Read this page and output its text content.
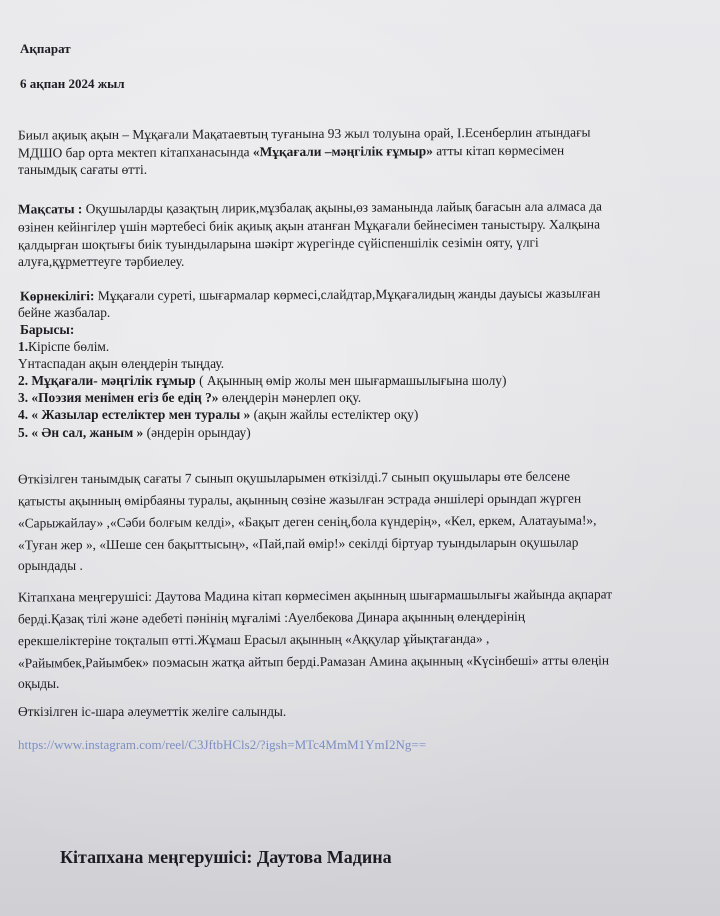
Ақпарат
6 ақпан 2024 жыл
Биыл ақиық ақын – Мұқағали Мақатаевтың туғанына 93 жыл толуына орай, І.Есенберлин атындағы
МДШО бар орта мектеп кітапханасында «Мұқағали –мәңгілік ғұмыр» атты кітап көрмесімен
танымдық сағаты өтті.
Мақсаты : Оқушыларды қазақтың лирик,мұзбалақ ақыны,өз заманында лайық бағасын ала алмаса да
өзінен кейінгілер үшін мәртебесі биік ақиық ақын атанған Мұқағали бейнесімен таныстыру. Халқына
қалдырған шоқтығы биік туындыларына шәкірт жүрегінде сүйіспеншілік сезімін ояту, үлгі
алуға,құрметтеуге тәрбиелеу.
Көрнекілігі: Мұқағали суреті, шығармалар көрмесі,слайдтар,Мұқағалидың жанды дауысы жазылған
бейне жазбалар.
Барысы:
1.Кіріспе бөлім.
Үнтаспадан ақын өлеңдерін тыңдау.
2. Мұқағали- мәңгілік ғұмыр ( Ақынның өмір жолы мен шығармашылығына шолу)
3. «Поэзия менімен егіз бе едің ?» өлеңдерін мәнерлеп оқу.
4. « Жазылар естеліктер мен туралы » (ақын жайлы естеліктер оқу)
5. « Ән сал, жаным » (әндерін орындау)
Өткізілген танымдық сағаты 7 сынып оқушыларымен өткізілді.7 сынып оқушылары өте белсене
қатысты ақынның өмірбаяны туралы, ақынның сөзіне жазылған эстрада әншілері орындап жүрген
«Сарыжайлау» ,«Сәби болғым келді», «Бақыт деген сенің,бола күндерің», «Кел, еркем, Алатауыма!»,
«Туған жер », «Шеше сен бақыттысың», «Пай,пай өмір!» секілді біртуар туындыларын оқушылар
орындады .
Кітапхана меңгерушісі: Даутова Мадина кітап көрмесімен ақынның шығармашылығы жайында ақпарат
берді.Қазақ тілі және әдебеті пәнінің мұғалімі :Ауелбекова Динара ақынның өлеңдерінің
ерекшеліктеріне тоқталып өтті.Жұмаш Ерасыл ақынның «Аққулар ұйықтағанда» ,
«Райымбек,Райымбек» поэмасын жатқа айтып берді.Рамазан Амина ақынның «Күсінбеші» атты өлеңін
оқыды.
Өткізілген іс-шара әлеуметтік желіге салынды.
https://www.instagram.com/reel/C3JftbHCls2/?igsh=MTc4MmM1YmI2Ng==
Кітапхана меңгерушісі: Даутова Мадина
